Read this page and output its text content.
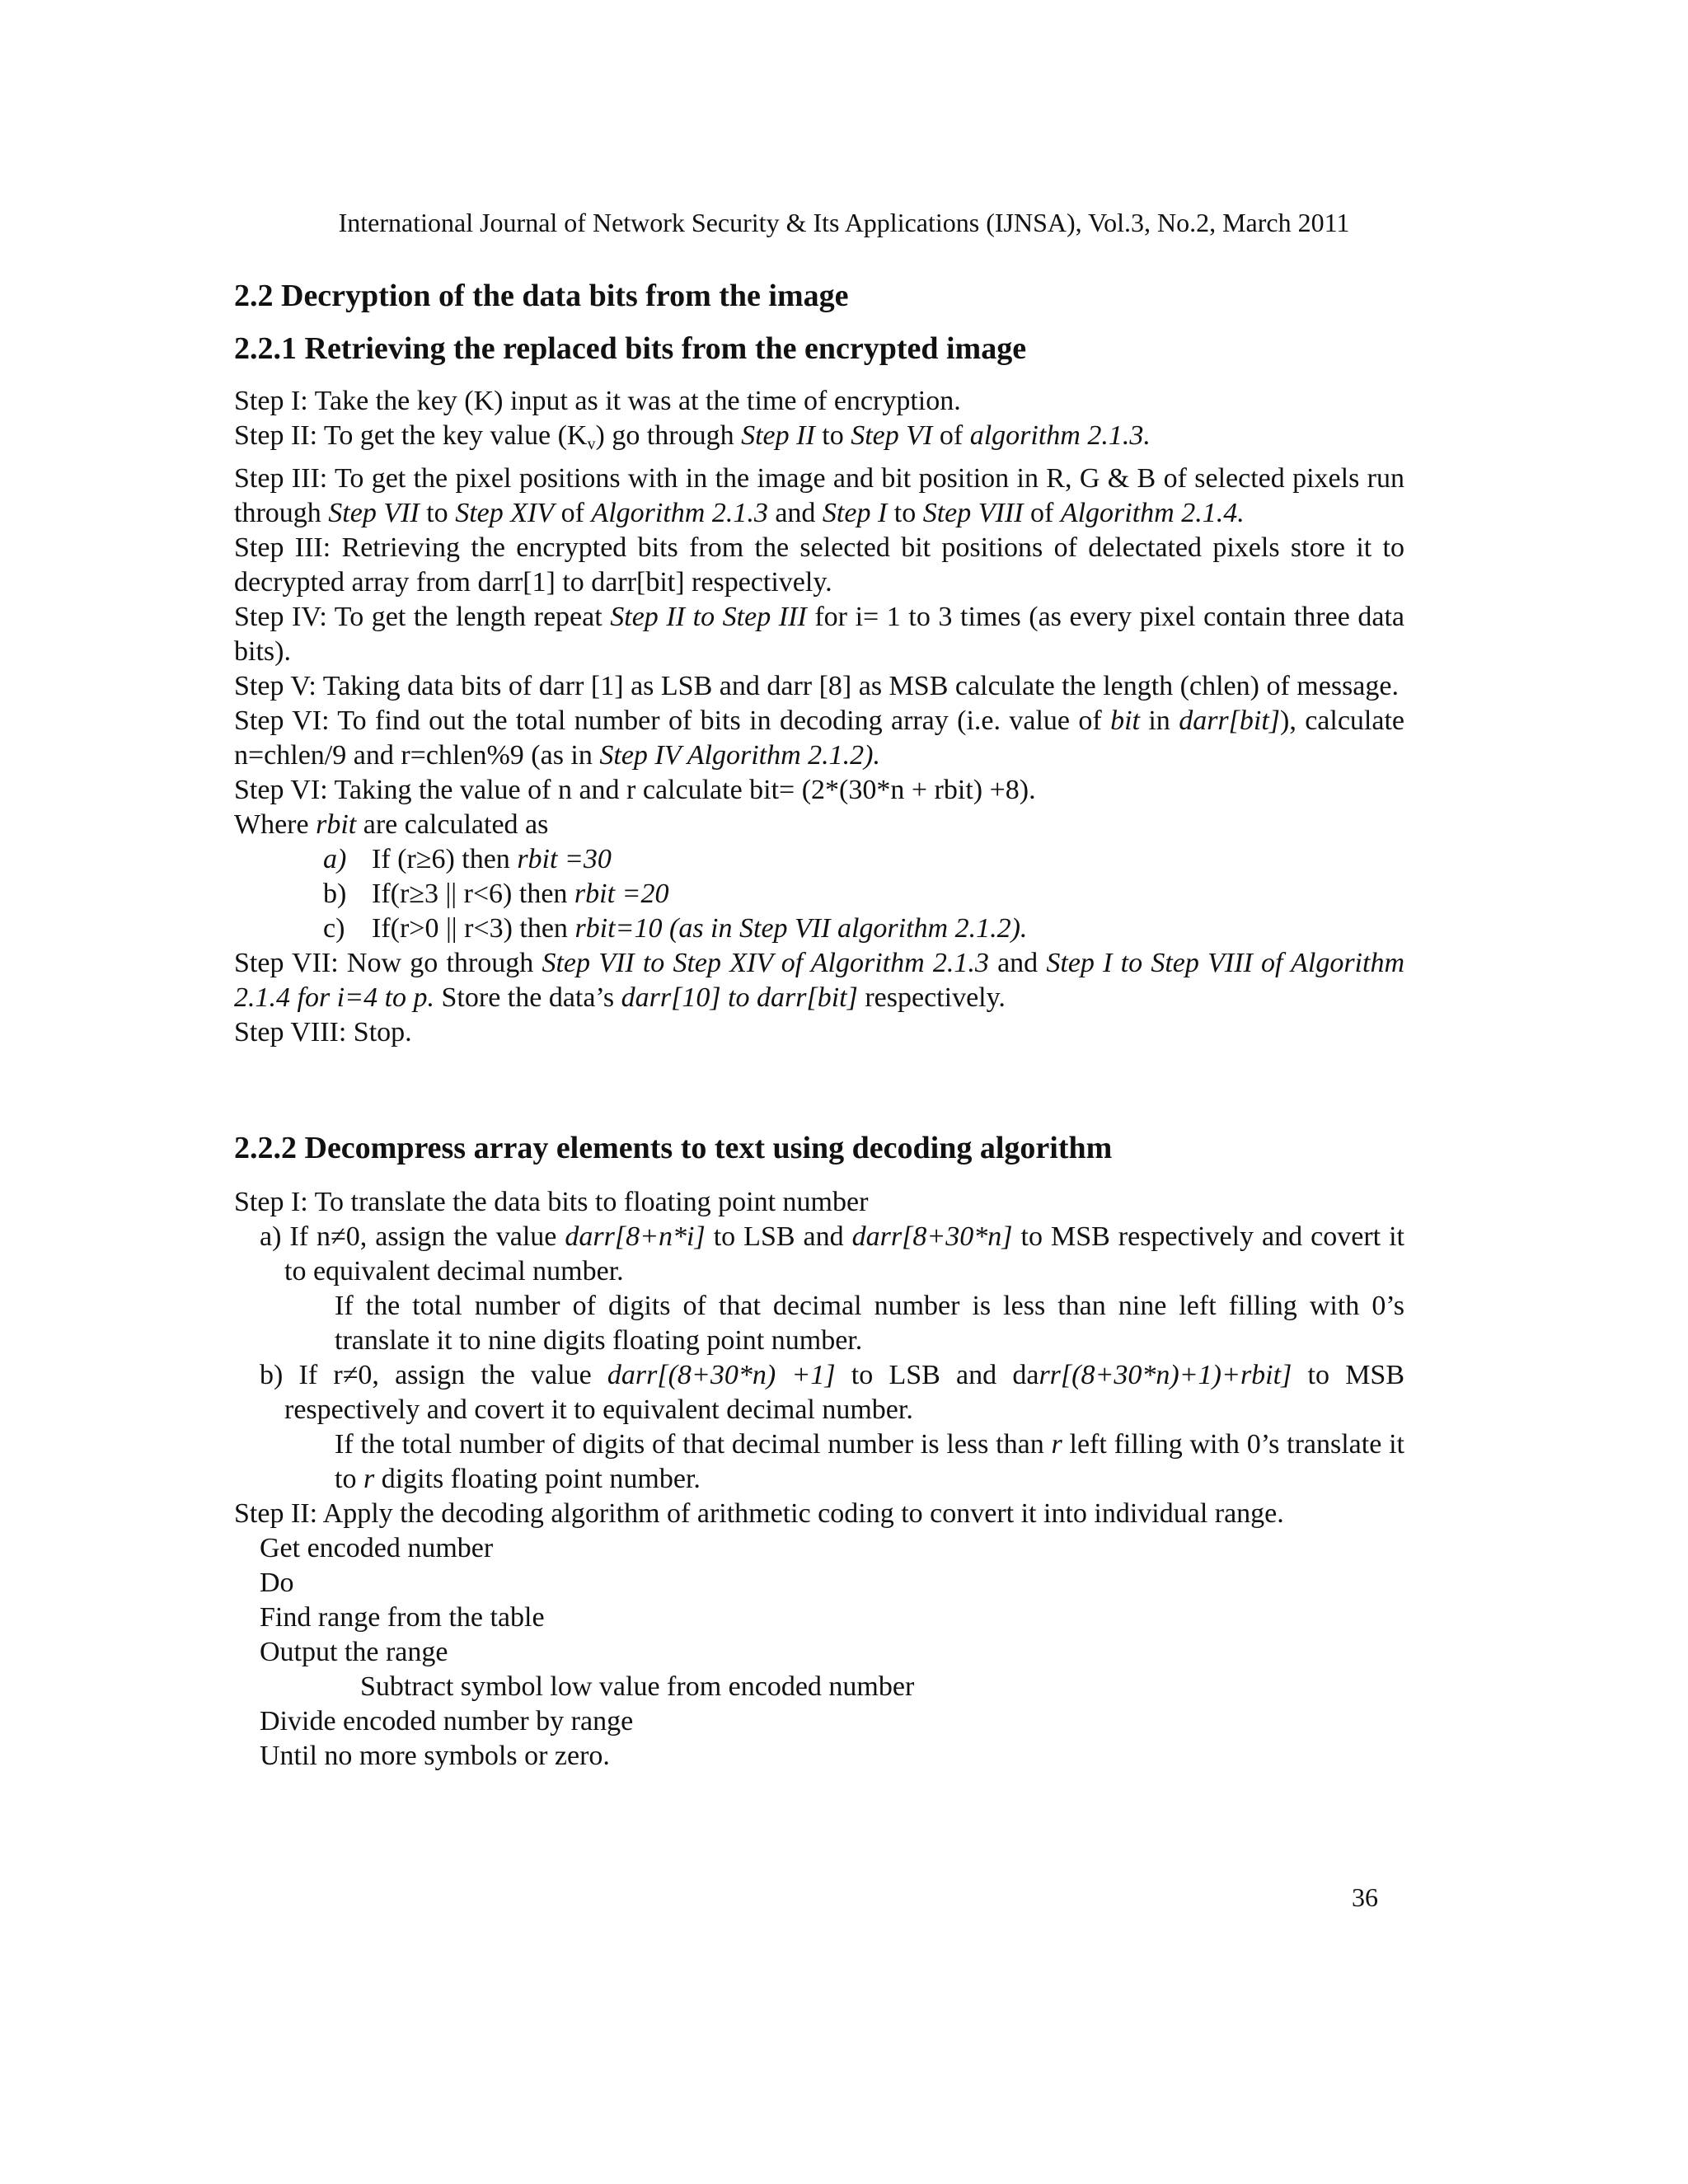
International Journal of Network Security & Its Applications (IJNSA), Vol.3, No.2, March 2011
2.2 Decryption of the data bits from the image
2.2.1 Retrieving the replaced bits from the encrypted image

Step I: Take the key (K) input as it was at the time of encryption.

Step II: To get the key value (Kv) go through Step II to Step VI of algorithm 2.1.3.

Step III: To get the pixel positions with in the image and bit position in R, G & B of selected pixels run through Step VII to Step XIV of Algorithm 2.1.3 and Step I to Step VIII of Algorithm 2.1.4.

Step III: Retrieving the encrypted bits from the selected bit positions of delectated pixels store it to decrypted array from darr[1] to darr[bit] respectively.

Step IV: To get the length repeat Step II to Step III for i= 1 to 3 times (as every pixel contain three data bits).

Step V: Taking data bits of darr [1] as LSB and darr [8] as MSB calculate the length (chlen) of message.

Step VI: To find out the total number of bits in decoding array (i.e. value of bit in darr[bit]), calculate n=chlen/9 and r=chlen%9 (as in Step IV Algorithm 2.1.2).

Step VI: Taking the value of n and r calculate bit= (2*(30*n + rbit) +8).

Where rbit are calculated as

a) If (r≥6) then rbit =30

b) If(r≥3 || r<6) then rbit =20

c) If(r>0 || r<3) then rbit=10 (as in Step VII algorithm 2.1.2).

Step VII: Now go through Step VII to Step XIV of Algorithm 2.1.3 and Step I to Step VIII of Algorithm 2.1.4 for i=4 to p. Store the data’s darr[10] to darr[bit] respectively.

Step VIII: Stop.

2.2.2 Decompress array elements to text using decoding algorithm

Step I: To translate the data bits to floating point number

a) If n≠0, assign the value darr[8+n*i] to LSB and darr[8+30*n] to MSB respectively and covert it to equivalent decimal number.

If the total number of digits of that decimal number is less than nine left filling with 0’s translate it to nine digits floating point number.

b) If r≠0, assign the value darr[(8+30*n) +1] to LSB and darr[(8+30*n)+1)+rbit] to MSB respectively and covert it to equivalent decimal number.

If the total number of digits of that decimal number is less than r left filling with 0’s translate it to r digits floating point number.

Step II: Apply the decoding algorithm of arithmetic coding to convert it into individual range.

Get encoded number

Do

Find range from the table

Output the range

Subtract symbol low value from encoded number

Divide encoded number by range

Until no more symbols or zero.

36
